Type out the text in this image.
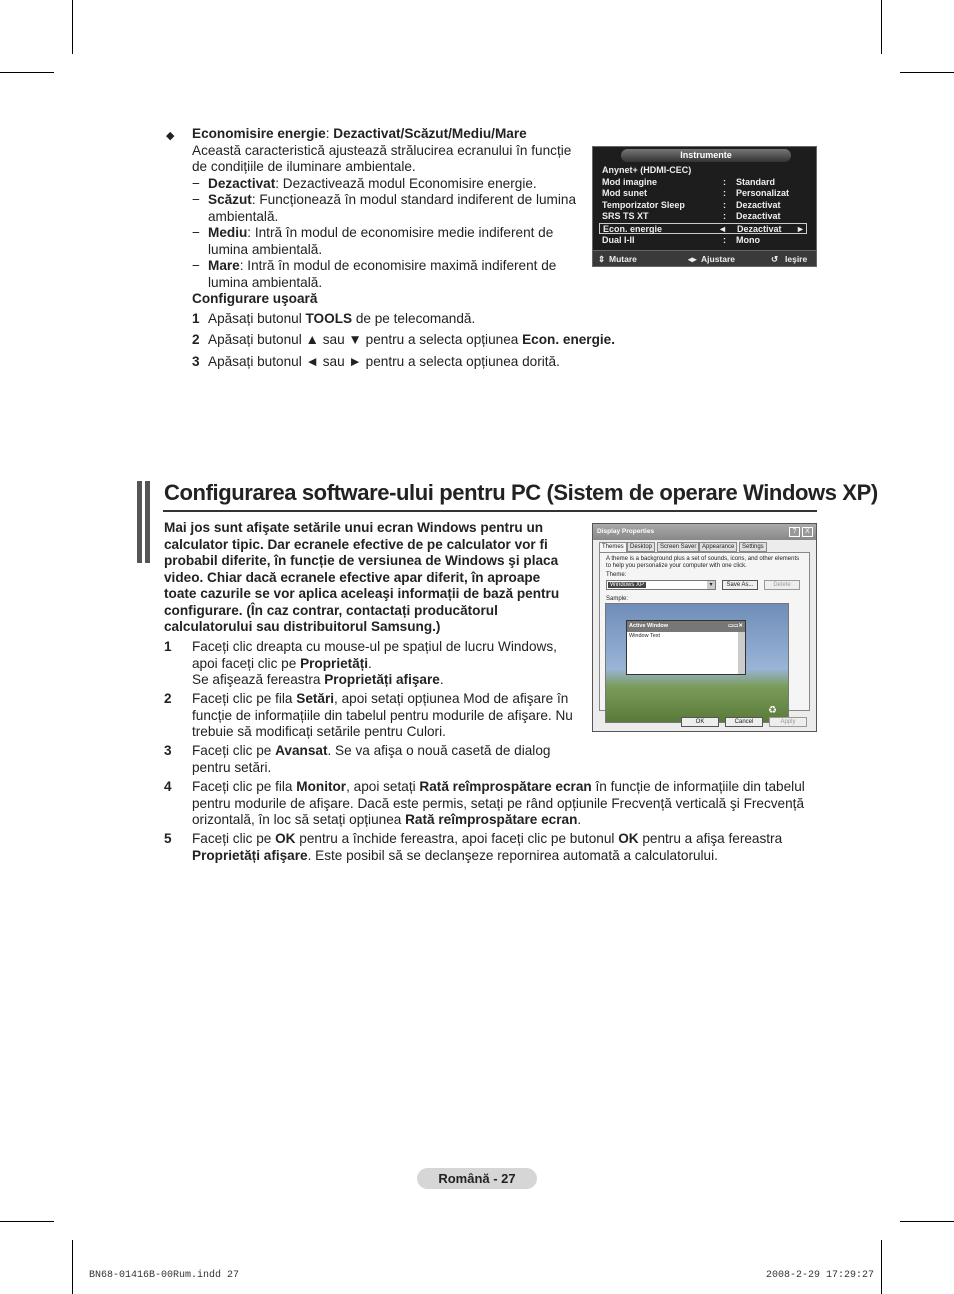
◆ Economisire energie: Dezactivat/Scăzut/Mediu/Mare
Această caracteristică ajustează strălucirea ecranului în funcție de condițiile de iluminare ambientale.
− Dezactivat: Dezactivează modul Economisire energie.
− Scăzut: Funcționează în modul standard indiferent de lumina ambientală.
− Mediu: Intră în modul de economisire medie indiferent de lumina ambientală.
− Mare: Intră în modul de economisire maximă indiferent de lumina ambientală.
Configurare uşoară
1 Apăsați butonul TOOLS de pe telecomandă.
2 Apăsați butonul ▲ sau ▼ pentru a selecta opțiunea Econ. energie.
3 Apăsați butonul ◄ sau ► pentru a selecta opțiunea dorită.
Instrumente
Anynet+ (HDMI-CEC)
Mod imagine	: Standard
Mod sunet	: Personalizat
Temporizator Sleep	: Dezactivat
SRS TS XT	: Dezactivat
Econ. energie	◄ Dezactivat ►
Dual I-II	: Mono
⇕ Mutare	◂▸ Ajustare	↺ Ieşire
Configurarea software-ului pentru PC (Sistem de operare Windows XP)
Mai jos sunt afişate setările unui ecran Windows pentru un calculator tipic. Dar ecranele efective de pe calculator vor fi probabil diferite, în funcție de versiunea de Windows şi placa video. Chiar dacă ecranele efective apar diferit, în aproape toate cazurile se vor aplica aceleaşi informații de bază pentru configurare. (În caz contrar, contactați producătorul calculatorului sau distribuitorul Samsung.)
1 Faceți clic dreapta cu mouse-ul pe spațiul de lucru Windows, apoi faceți clic pe Proprietăți.
Se afişează fereastra Proprietăți afişare.
2 Faceți clic pe fila Setări, apoi setați opțiunea Mod de afişare în funcție de informațiile din tabelul pentru modurile de afişare. Nu trebuie să modificați setările pentru Culori.
3 Faceți clic pe Avansat. Se va afişa o nouă casetă de dialog pentru setări.
4 Faceți clic pe fila Monitor, apoi setați Rată reîmprospătare ecran în funcție de informațiile din tabelul pentru modurile de afişare. Dacă este permis, setați pe rând opțiunile Frecvență verticală şi Frecvență orizontală, în loc să setați opțiunea Rată reîmprospătare ecran.
5 Faceți clic pe OK pentru a închide fereastra, apoi faceți clic pe butonul OK pentru a afişa fereastra Proprietăți afişare. Este posibil să se declanşeze repornirea automată a calculatorului.
Display Properties	?	X
Themes	Desktop	Screen Saver Appearance	Settings
A theme is a background plus a set of sounds, icons, and other elements to help you personalize your computer with one click.
Theme:
Windows XP	▾	Save As...	Delete
Sample:
Active Window	▭▭✕
Window Text
♻
OK	Cancel	Apply
Română - 27
BN68-01416B-00Rum.indd 27	2008-2-29 17:29:27
